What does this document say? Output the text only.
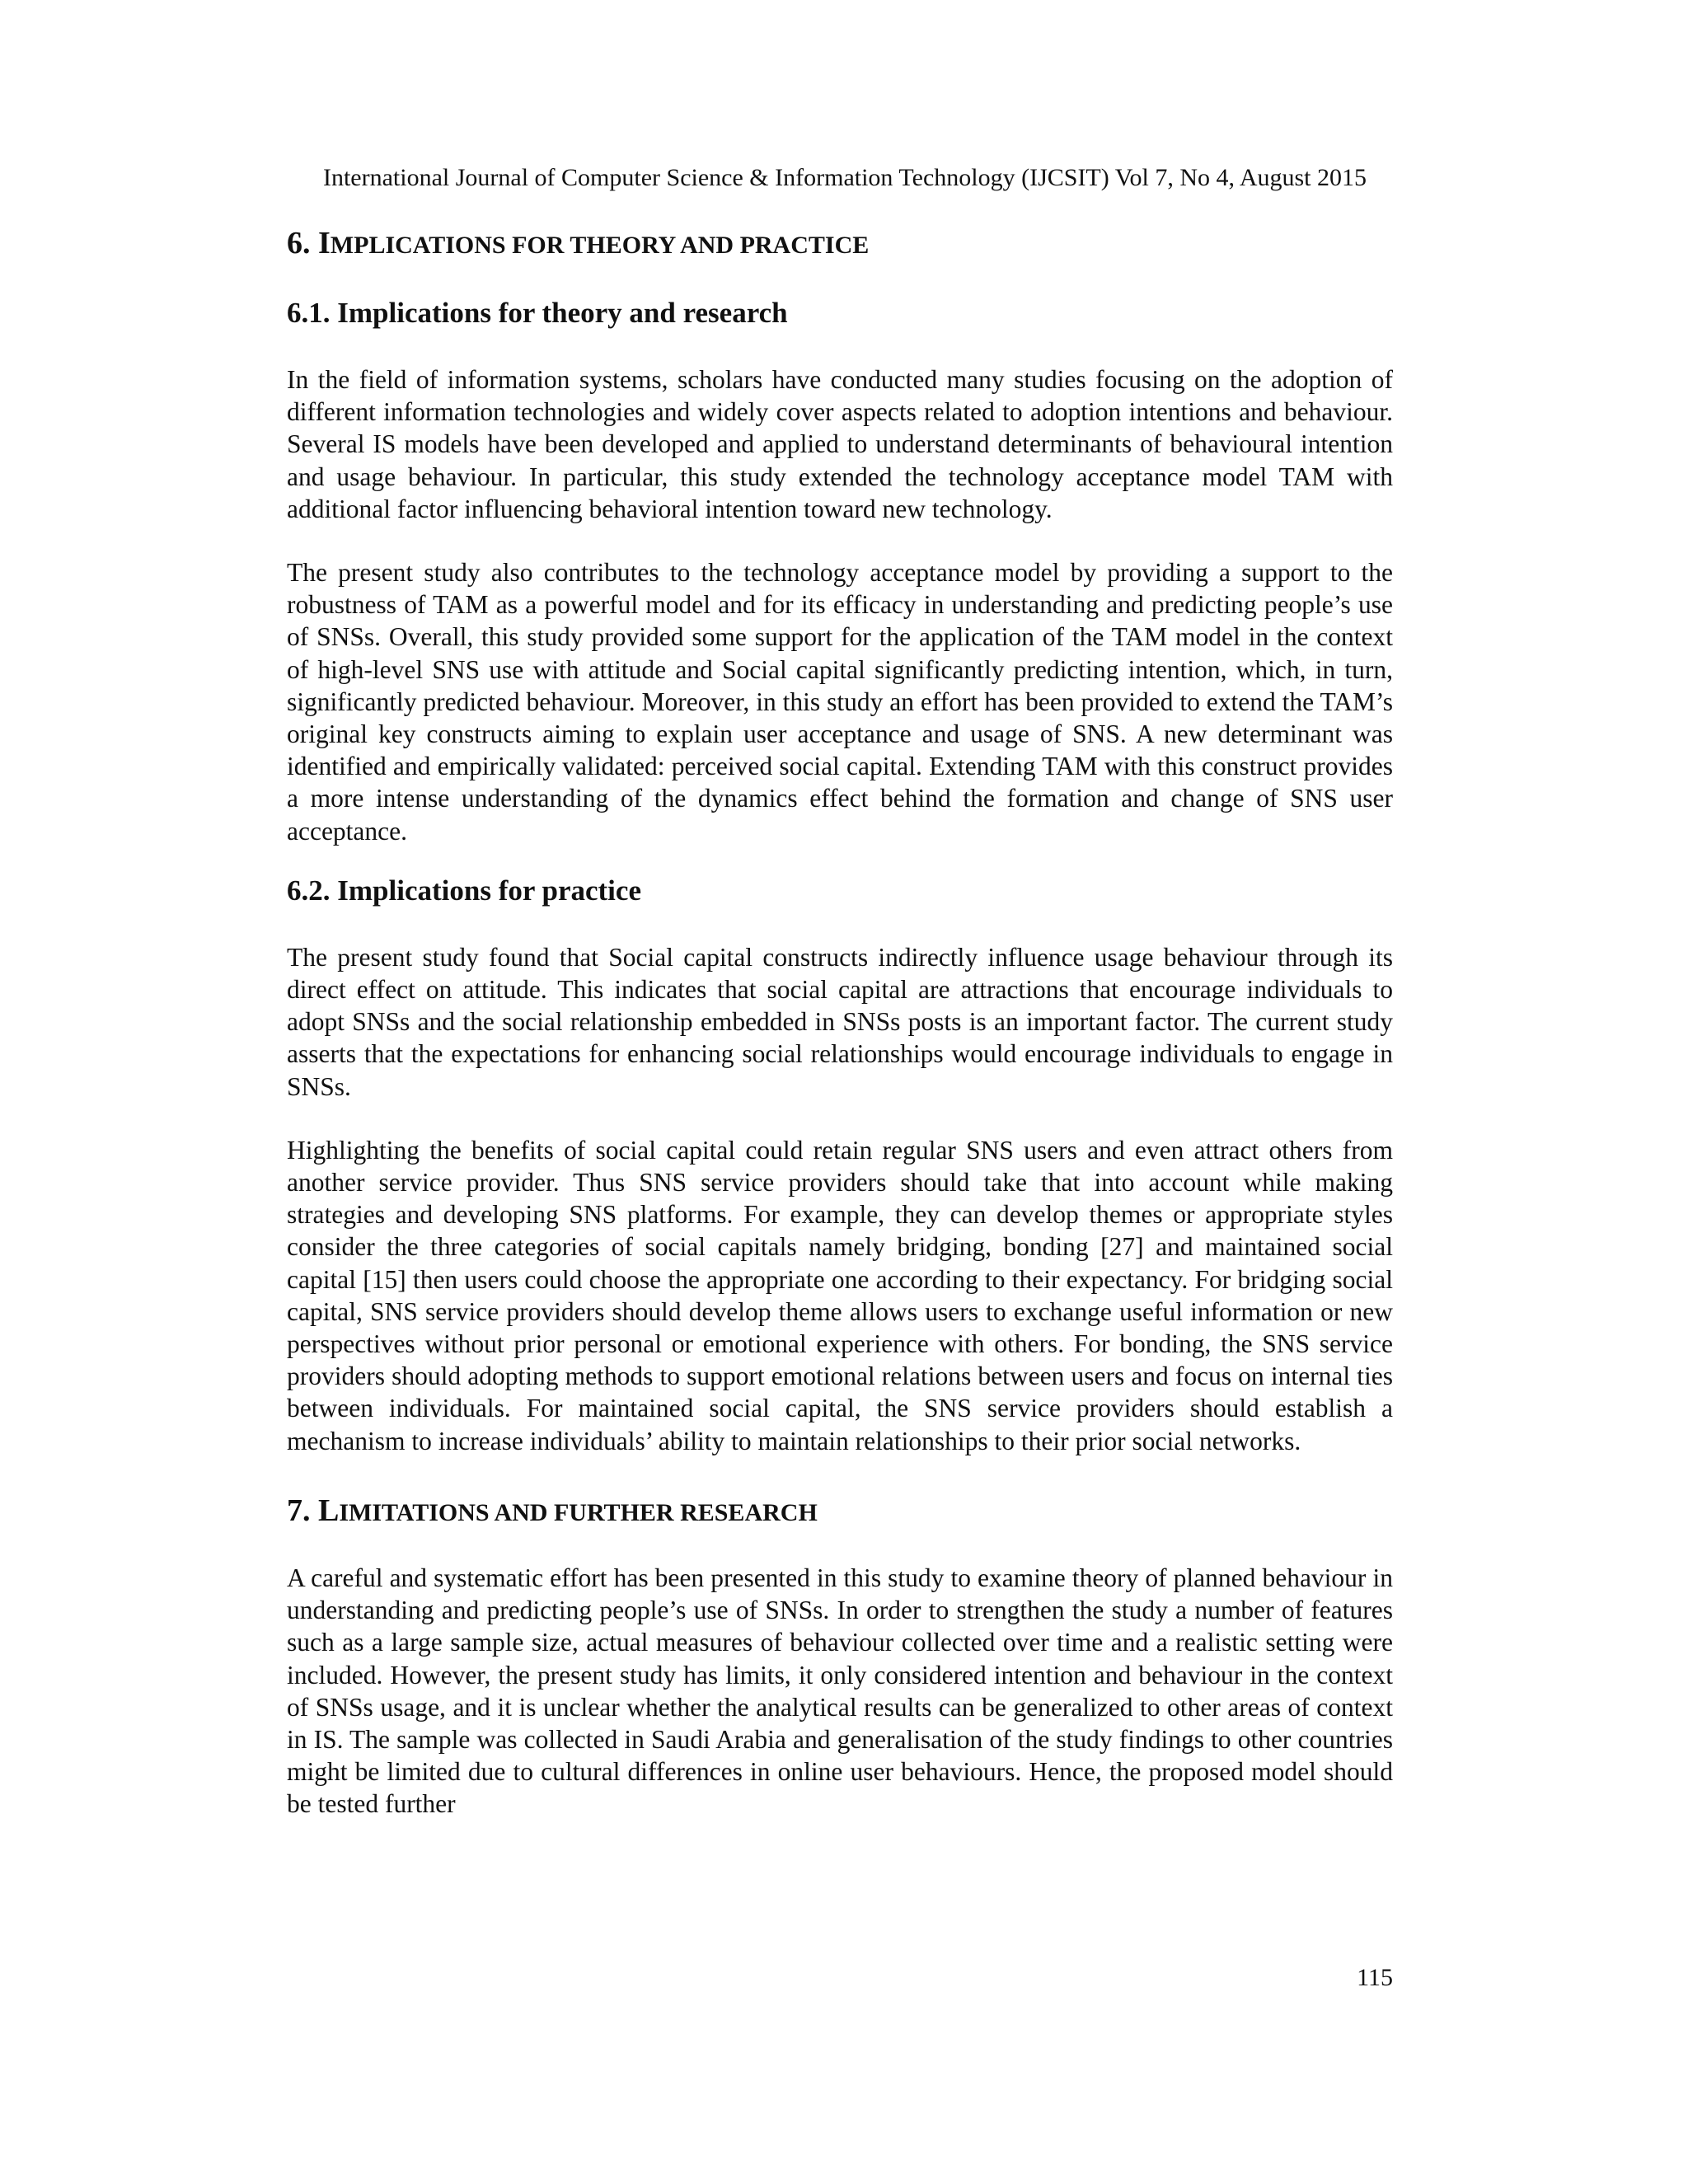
International Journal of Computer Science & Information Technology (IJCSIT) Vol 7, No 4, August 2015
6. IMPLICATIONS FOR THEORY AND PRACTICE
6.1. Implications for theory and research

In the field of information systems, scholars have conducted many studies focusing on the adoption of different information technologies and widely cover aspects related to adoption intentions and behaviour. Several IS models have been developed and applied to understand determinants of behavioural intention and usage behaviour. In particular, this study extended the technology acceptance model TAM with additional factor influencing behavioral intention toward new technology.

The present study also contributes to the technology acceptance model by providing a support to the robustness of TAM as a powerful model and for its efficacy in understanding and predicting people’s use of SNSs. Overall, this study provided some support for the application of the TAM model in the context of high-level SNS use with attitude and Social capital significantly predicting intention, which, in turn, significantly predicted behaviour. Moreover, in this study an effort has been provided to extend the TAM’s original key constructs aiming to explain user acceptance and usage of SNS. A new determinant was identified and empirically validated: perceived social capital. Extending TAM with this construct provides a more intense understanding of the dynamics effect behind the formation and change of SNS user acceptance.

6.2. Implications for practice

The present study found that Social capital constructs indirectly influence usage behaviour through its direct effect on attitude. This indicates that social capital are attractions that encourage individuals to adopt SNSs and the social relationship embedded in SNSs posts is an important factor. The current study asserts that the expectations for enhancing social relationships would encourage individuals to engage in SNSs.

Highlighting the benefits of social capital could retain regular SNS users and even attract others from another service provider. Thus SNS service providers should take that into account while making strategies and developing SNS platforms. For example, they can develop themes or appropriate styles consider the three categories of social capitals namely bridging, bonding [27] and maintained social capital [15] then users could choose the appropriate one according to their expectancy. For bridging social capital, SNS service providers should develop theme allows users to exchange useful information or new perspectives without prior personal or emotional experience with others. For bonding, the SNS service providers should adopting methods to support emotional relations between users and focus on internal ties between individuals. For maintained social capital, the SNS service providers should establish a mechanism to increase individuals’ ability to maintain relationships to their prior social networks.

7. LIMITATIONS AND FURTHER RESEARCH

A careful and systematic effort has been presented in this study to examine theory of planned behaviour in understanding and predicting people’s use of SNSs. In order to strengthen the study a number of features such as a large sample size, actual measures of behaviour collected over time and a realistic setting were included. However, the present study has limits, it only considered intention and behaviour in the context of SNSs usage, and it is unclear whether the analytical results can be generalized to other areas of context in IS. The sample was collected in Saudi Arabia and generalisation of the study findings to other countries might be limited due to cultural differences in online user behaviours. Hence, the proposed model should be tested further

115
